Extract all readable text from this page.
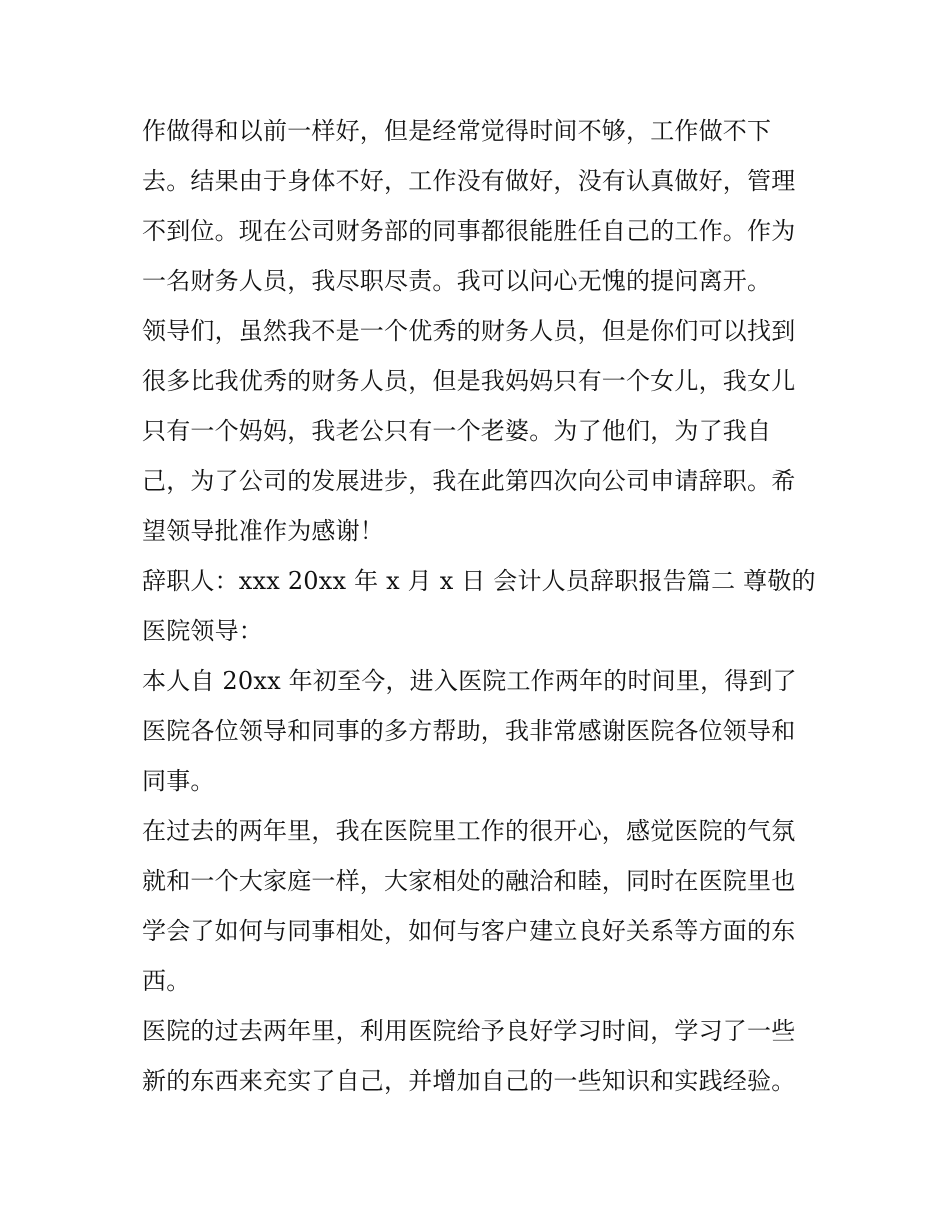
作做得和以前一样好，但是经常觉得时间不够，工作做不下
去。结果由于身体不好，工作没有做好，没有认真做好，管理
不到位。现在公司财务部的同事都很能胜任自己的工作。作为
一名财务人员，我尽职尽责。我可以问心无愧的提问离开。
领导们，虽然我不是一个优秀的财务人员，但是你们可以找到
很多比我优秀的财务人员，但是我妈妈只有一个女儿，我女儿
只有一个妈妈，我老公只有一个老婆。为了他们，为了我自
己，为了公司的发展进步，我在此第四次向公司申请辞职。希
望领导批准作为感谢！
辞职人：xxx 20xx 年 x 月 x 日 会计人员辞职报告篇二 尊敬的
医院领导：
本人自 20xx 年初至今，进入医院工作两年的时间里，得到了
医院各位领导和同事的多方帮助，我非常感谢医院各位领导和
同事。
在过去的两年里，我在医院里工作的很开心，感觉医院的气氛
就和一个大家庭一样，大家相处的融洽和睦，同时在医院里也
学会了如何与同事相处，如何与客户建立良好关系等方面的东
西。
医院的过去两年里，利用医院给予良好学习时间，学习了一些
新的东西来充实了自己，并增加自己的一些知识和实践经验。
